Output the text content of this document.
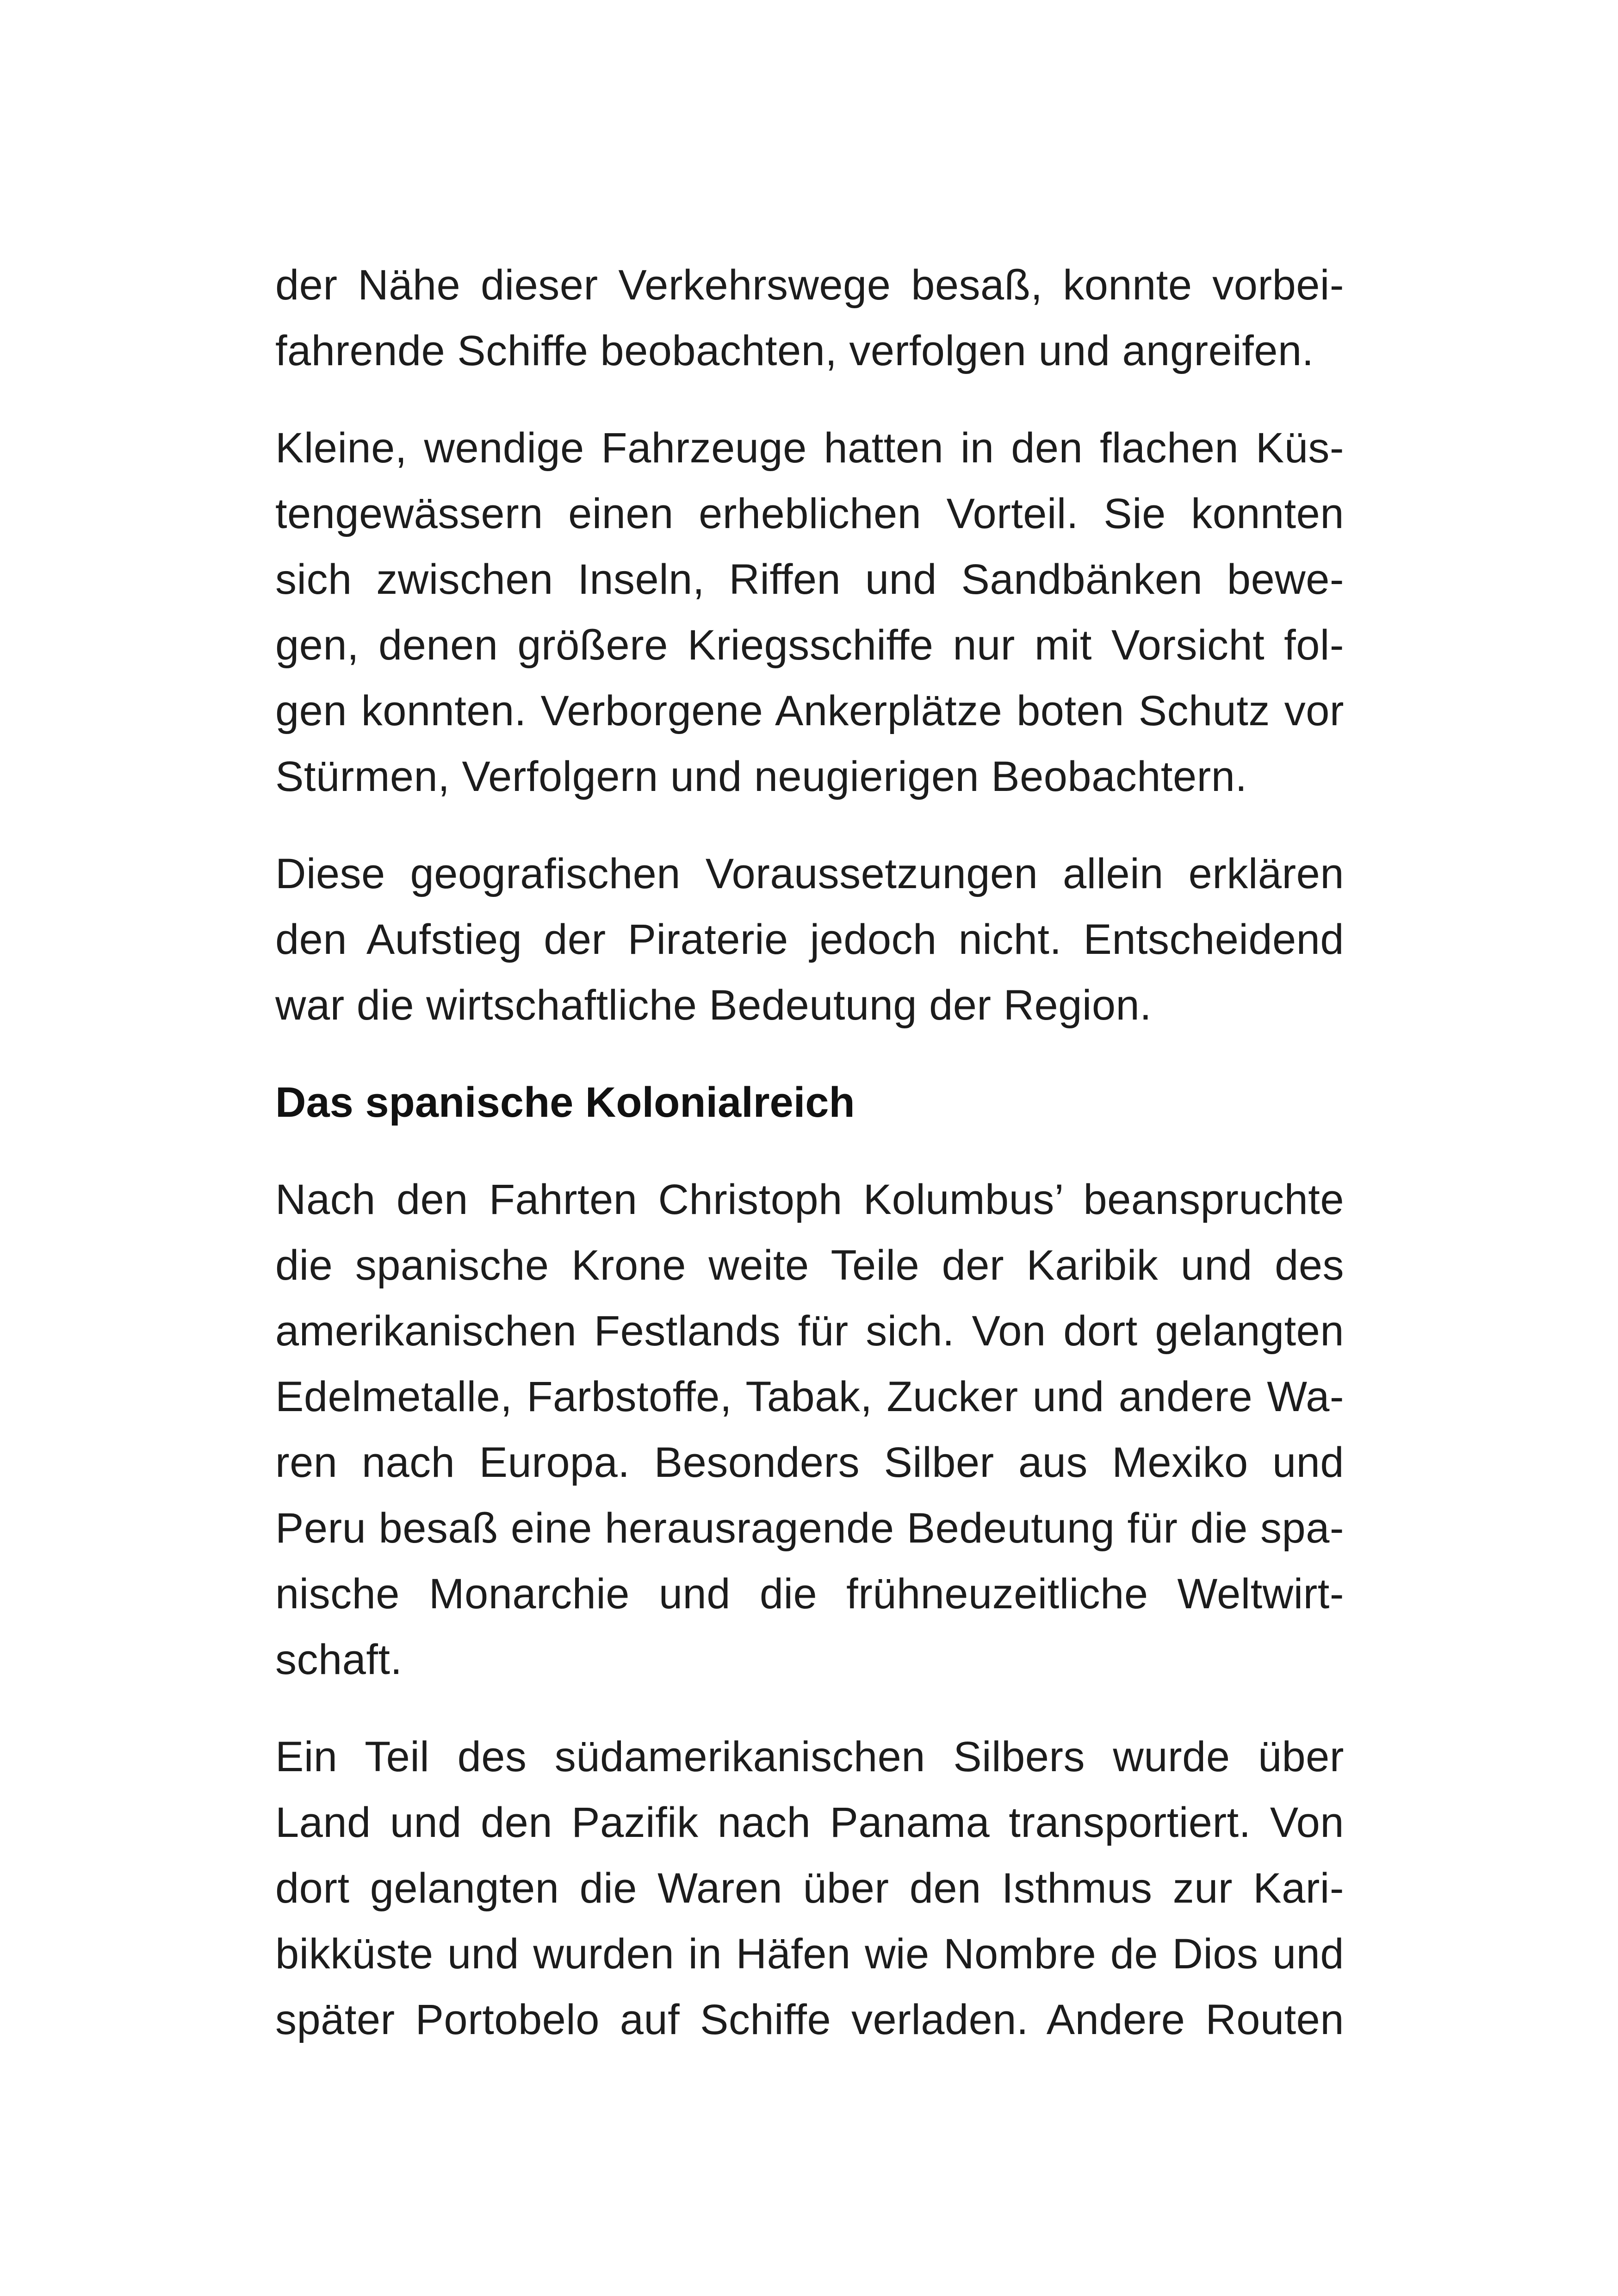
der Nähe dieser Verkehrswege besaß, konnte vorbei-
fahrende Schiffe beobachten, verfolgen und angreifen.
Kleine, wendige Fahrzeuge hatten in den flachen Küs-
tengewässern einen erheblichen Vorteil. Sie konnten
sich zwischen Inseln, Riffen und Sandbänken bewe-
gen, denen größere Kriegsschiffe nur mit Vorsicht fol-
gen konnten. Verborgene Ankerplätze boten Schutz vor
Stürmen, Verfolgern und neugierigen Beobachtern.
Diese geografischen Voraussetzungen allein erklären
den Aufstieg der Piraterie jedoch nicht. Entscheidend
war die wirtschaftliche Bedeutung der Region.
Das spanische Kolonialreich
Nach den Fahrten Christoph Kolumbus’ beanspruchte
die spanische Krone weite Teile der Karibik und des
amerikanischen Festlands für sich. Von dort gelangten
Edelmetalle, Farbstoffe, Tabak, Zucker und andere Wa-
ren nach Europa. Besonders Silber aus Mexiko und
Peru besaß eine herausragende Bedeutung für die spa-
nische Monarchie und die frühneuzeitliche Weltwirt-
schaft.
Ein Teil des südamerikanischen Silbers wurde über
Land und den Pazifik nach Panama transportiert. Von
dort gelangten die Waren über den Isthmus zur Kari-
bikküste und wurden in Häfen wie Nombre de Dios und
später Portobelo auf Schiffe verladen. Andere Routen
